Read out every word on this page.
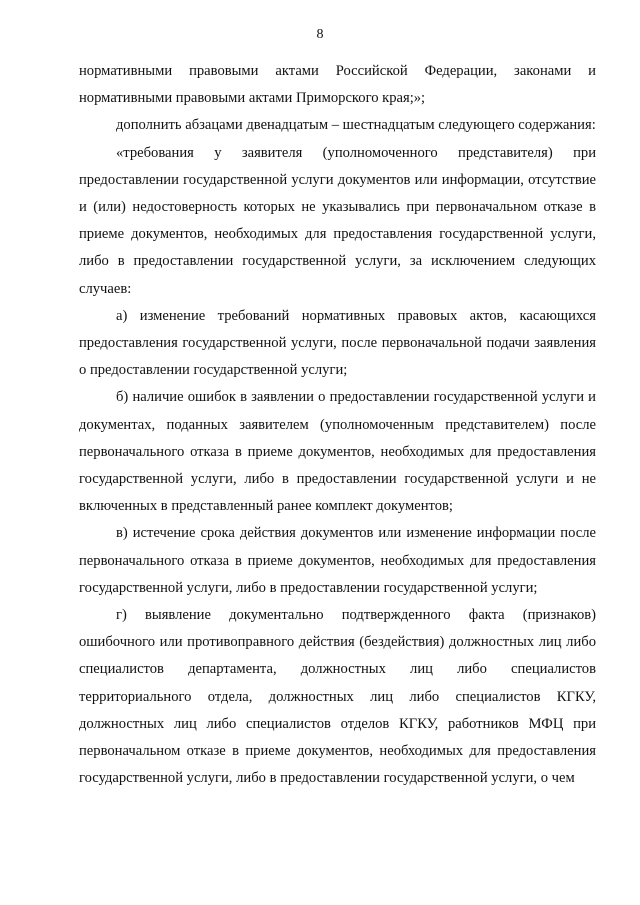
8

нормативными правовыми актами Российской Федерации, законами и нормативными правовыми актами Приморского края;»;

дополнить абзацами двенадцатым – шестнадцатым следующего содержания:

«требования у заявителя (уполномоченного представителя) при предоставлении государственной услуги документов или информации, отсутствие и (или) недостоверность которых не указывались при первоначальном отказе в приеме документов, необходимых для предоставления государственной услуги, либо в предоставлении государственной услуги, за исключением следующих случаев:

а) изменение требований нормативных правовых актов, касающихся предоставления государственной услуги, после первоначальной подачи заявления о предоставлении государственной услуги;

б) наличие ошибок в заявлении о предоставлении государственной услуги и документах, поданных заявителем (уполномоченным представителем) после первоначального отказа в приеме документов, необходимых для предоставления государственной услуги, либо в предоставлении государственной услуги и не включенных в представленный ранее комплект документов;

в) истечение срока действия документов или изменение информации после первоначального отказа в приеме документов, необходимых для предоставления государственной услуги, либо в предоставлении государственной услуги;

г) выявление документально подтвержденного факта (признаков) ошибочного или противоправного действия (бездействия) должностных лиц либо специалистов департамента, должностных лиц либо специалистов территориального отдела, должностных лиц либо специалистов КГКУ, должностных лиц либо специалистов отделов КГКУ, работников МФЦ при первоначальном отказе в приеме документов, необходимых для предоставления государственной услуги, либо в предоставлении государственной услуги, о чем
